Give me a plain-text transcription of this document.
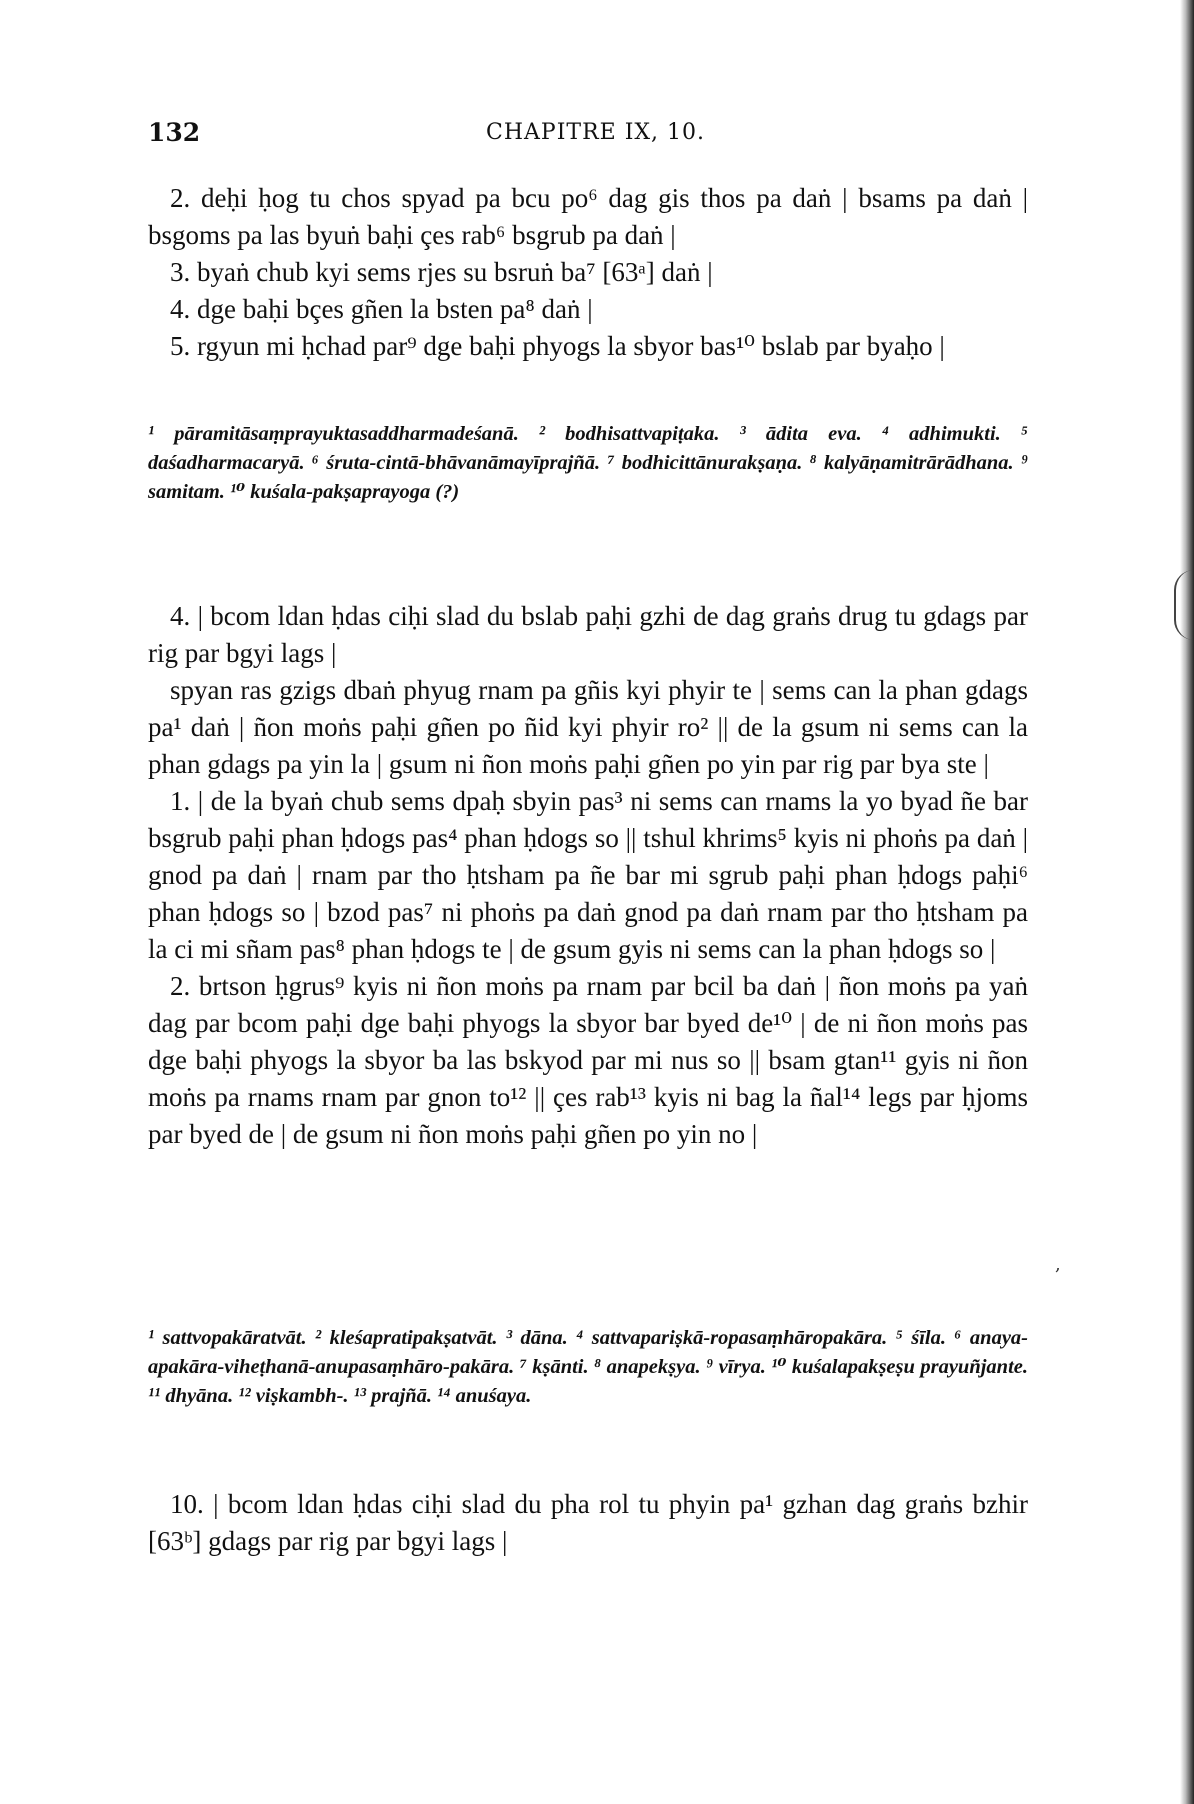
132	CHAPITRE IX, 10.

2. deḥi ḥog tu chos spyad pa bcu po⁶ dag gis thos pa daṅ | bsams pa daṅ | bsgoms pa las byuṅ baḥi çes rab⁶ bsgrub pa daṅ |

3. byaṅ chub kyi sems rjes su bsruṅ ba⁷ [63ᵃ] daṅ |

4. dge baḥi bçes gñen la bsten pa⁸ daṅ |

5. rgyun mi ḥchad par⁹ dge baḥi phyogs la sbyor bas¹⁰ bslab par byaḥo |

¹ pāramitāsaṃprayuktasaddharmadeśanā. ² bodhisattvapiṭaka. ³ ādita eva. ⁴ adhimukti. ⁵ daśadharmacaryā. ⁶ śruta-cintā-bhāvanāmayīprajñā. ⁷ bodhicittānurakṣaṇa. ⁸ kalyāṇamitrārādhana. ⁹ samitam. ¹⁰ kuśala-pakṣaprayoga (?)

4. | bcom ldan ḥdas ciḥi slad du bslab paḥi gzhi de dag graṅs drug tu gdags par rig par bgyi lags |

spyan ras gzigs dbaṅ phyug rnam pa gñis kyi phyir te | sems can la phan gdags pa¹ daṅ | ñon moṅs paḥi gñen po ñid kyi phyir ro² || de la gsum ni sems can la phan gdags pa yin la | gsum ni ñon moṅs paḥi gñen po yin par rig par bya ste |

1. | de la byaṅ chub sems dpaḥ sbyin pas³ ni sems can rnams la yo byad ñe bar bsgrub paḥi phan ḥdogs pas⁴ phan ḥdogs so || tshul khrims⁵ kyis ni phoṅs pa daṅ | gnod pa daṅ | rnam par tho ḥtsham pa ñe bar mi sgrub paḥi phan ḥdogs paḥi⁶ phan ḥdogs so | bzod pas⁷ ni phoṅs pa daṅ gnod pa daṅ rnam par tho ḥtsham pa la ci mi sñam pas⁸ phan ḥdogs te | de gsum gyis ni sems can la phan ḥdogs so |

2. brtson ḥgrus⁹ kyis ni ñon moṅs pa rnam par bcil ba daṅ | ñon moṅs pa yaṅ dag par bcom paḥi dge baḥi phyogs la sbyor bar byed de¹⁰ | de ni ñon moṅs pas dge baḥi phyogs la sbyor ba las bskyod par mi nus so || bsam gtan¹¹ gyis ni ñon moṅs pa rnams rnam par gnon to¹² || çes rab¹³ kyis ni bag la ñal¹⁴ legs par ḥjoms par byed de | de gsum ni ñon moṅs paḥi gñen po yin no |

¹ sattvopakāratvāt. ² kleśapratipakṣatvāt. ³ dāna. ⁴ sattvapariṣkā-ropasaṃhāropakāra. ⁵ śīla. ⁶ anaya-apakāra-viheṭhanā-anupasaṃhāro-pakāra. ⁷ kṣānti. ⁸ anapekṣya. ⁹ vīrya. ¹⁰ kuśalapakṣeṣu prayuñjante. ¹¹ dhyāna. ¹² viṣkambh-. ¹³ prajñā. ¹⁴ anuśaya.

10. | bcom ldan ḥdas ciḥi slad du pha rol tu phyin pa¹ gzhan dag graṅs bzhir [63ᵇ] gdags par rig par bgyi lags |

,
